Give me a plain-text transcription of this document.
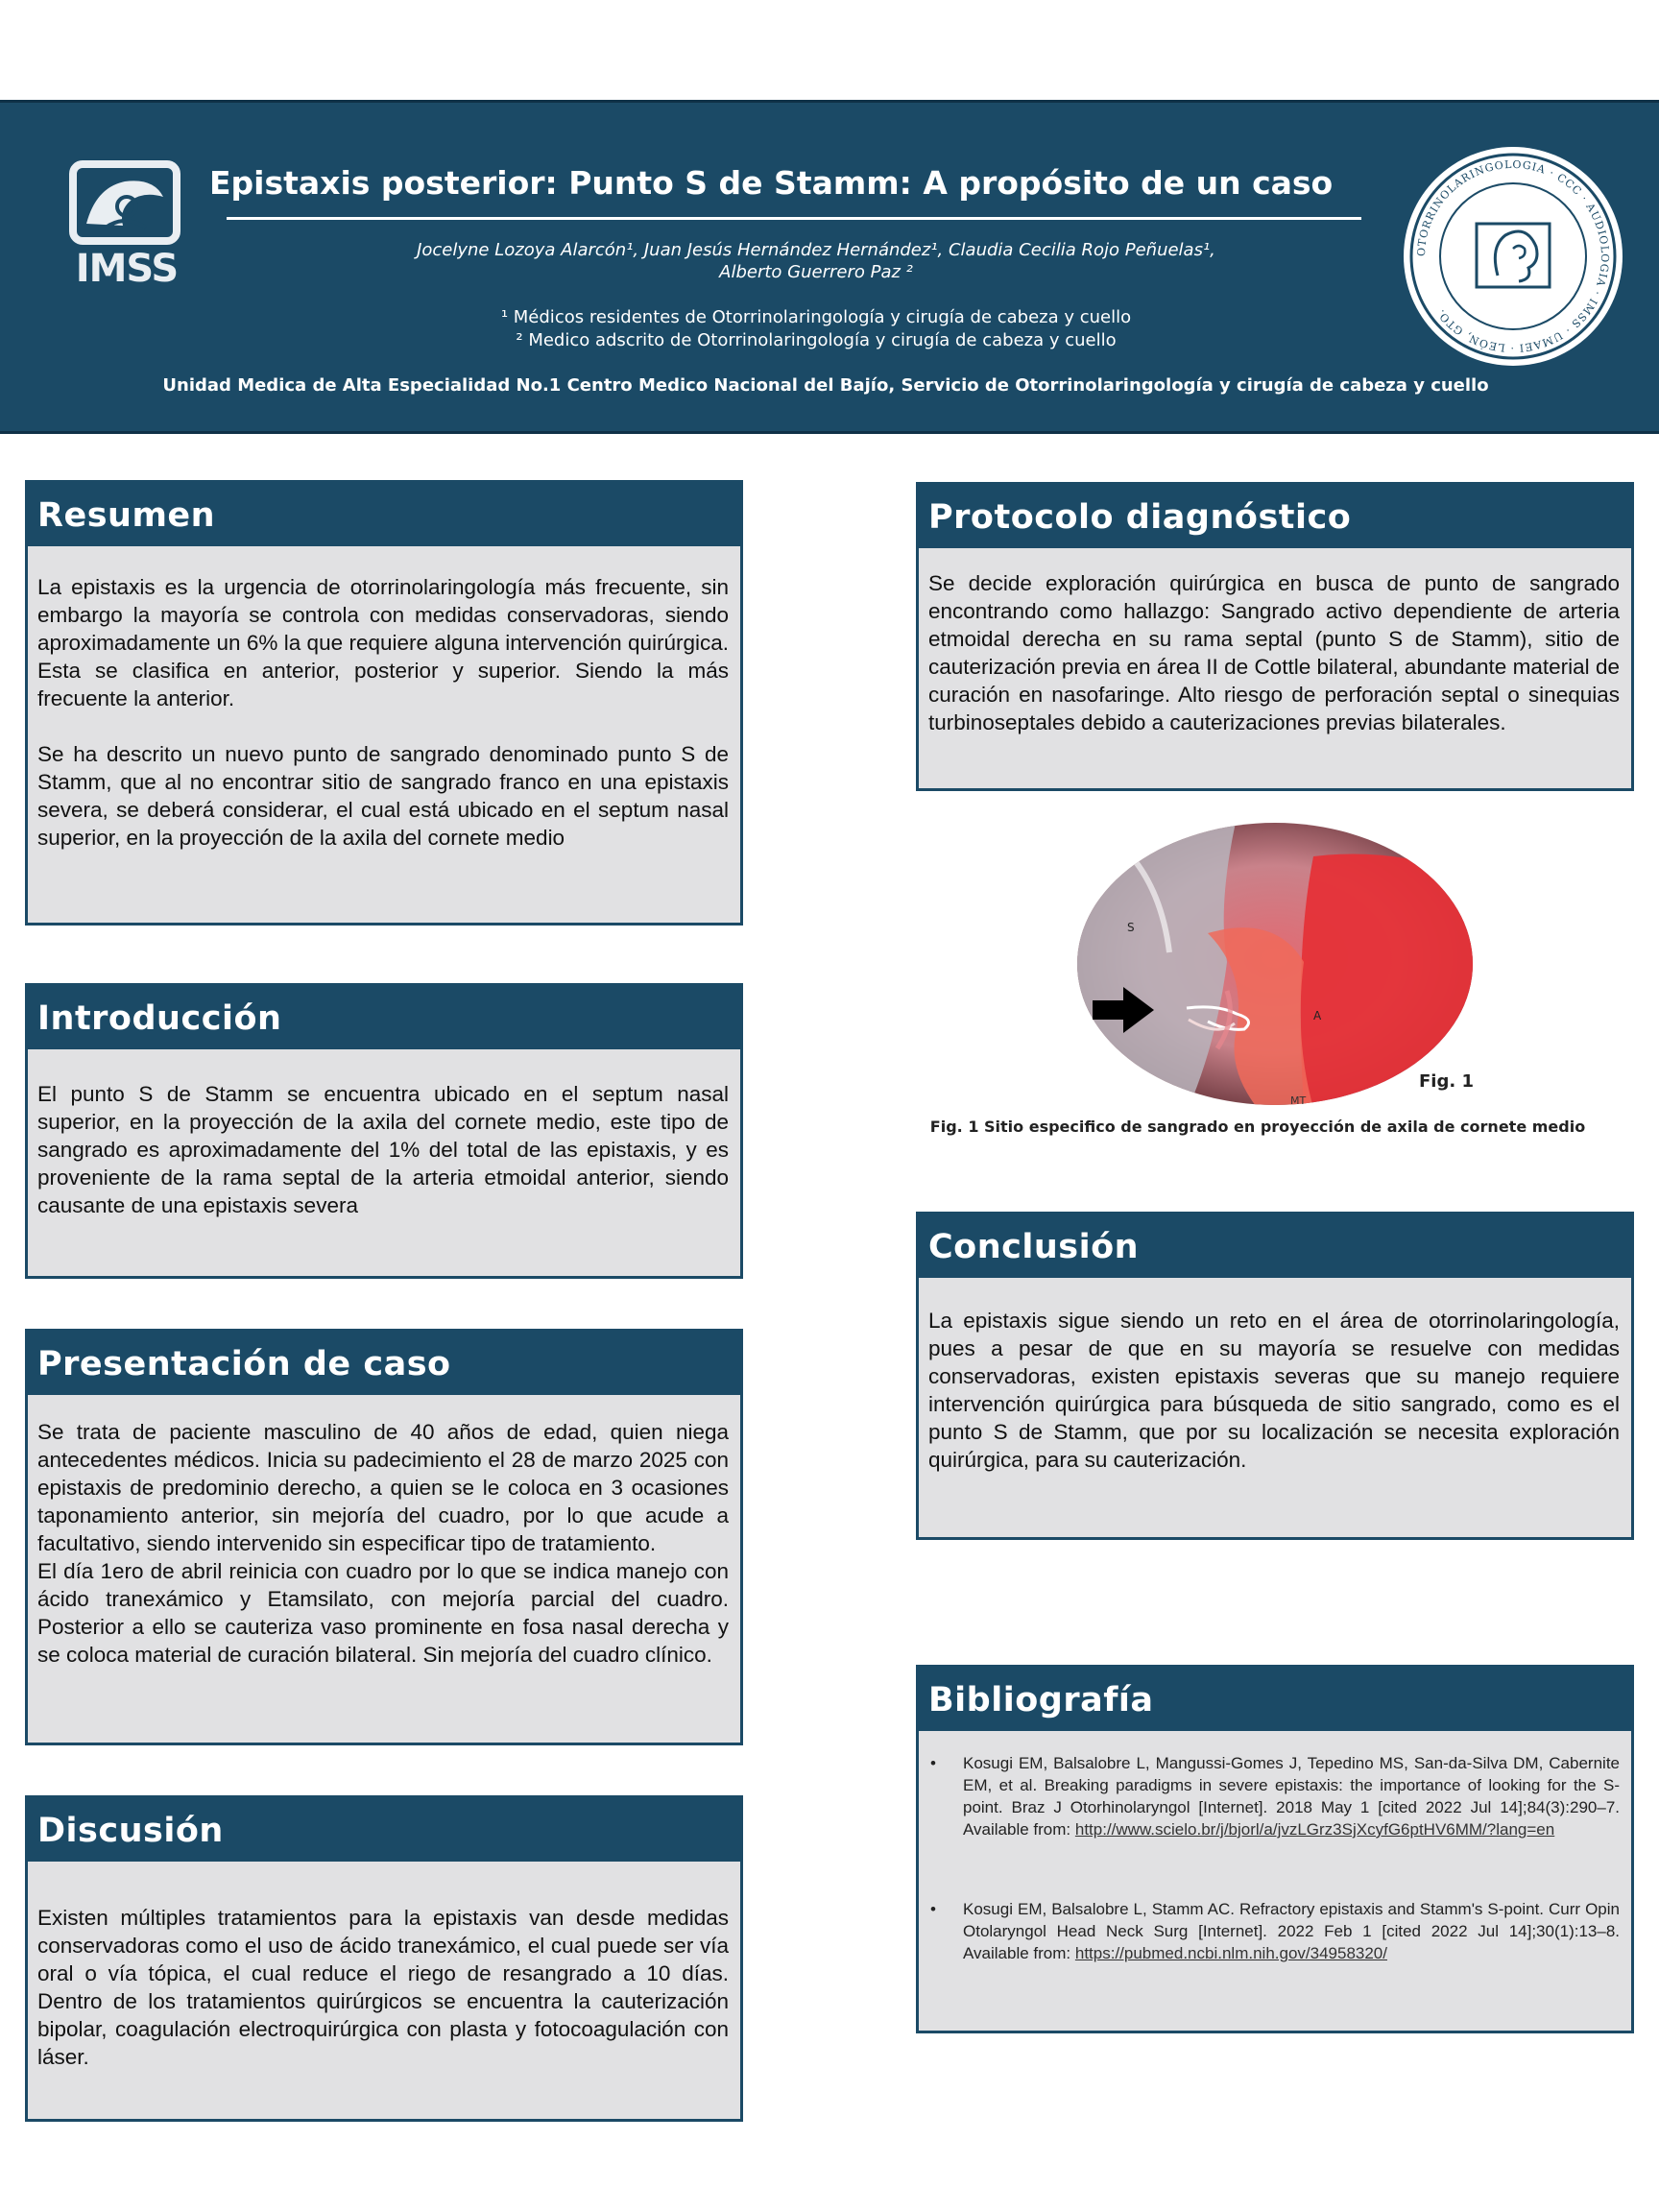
IMSS
Epistaxis posterior: Punto S de Stamm: A propósito de un caso
Jocelyne Lozoya Alarcón¹, Juan Jesús Hernández Hernández¹, Claudia Cecilia Rojo Peñuelas¹,
Alberto Guerrero Paz ²
¹ Médicos residentes de Otorrinolaringología y cirugía de cabeza y cuello
² Medico adscrito de Otorrinolaringología y cirugía de cabeza y cuello
Unidad Medica de Alta Especialidad No.1 Centro Medico Nacional del Bajío, Servicio de Otorrinolaringología y cirugía de cabeza y cuello
OTORRINOLARINGOLOGIA · CCC · AUDIOLOGIA · IMSS · UMAEI · LEÓN, GTO.
Resumen

La epistaxis es la urgencia de otorrinolaringología más frecuente, sin embargo la mayoría se controla con medidas conservadoras, siendo aproximadamente un 6% la que requiere alguna intervención quirúrgica. Esta se clasifica en anterior, posterior y superior. Siendo la más frecuente la anterior.

Se ha descrito un nuevo punto de sangrado denominado punto S de Stamm, que al no encontrar sitio de sangrado franco en una epistaxis severa, se deberá considerar, el cual está ubicado en el septum nasal superior, en la proyección de la axila del cornete medio

Introducción

El punto S de Stamm se encuentra ubicado en el septum nasal superior, en la proyección de la axila del cornete medio, este tipo de sangrado es aproximadamente del 1% del total de las epistaxis, y es proveniente de la rama septal de la arteria etmoidal anterior, siendo causante de una epistaxis severa

Presentación de caso

Se trata de paciente masculino de 40 años de edad, quien niega antecedentes médicos. Inicia su padecimiento el 28 de marzo 2025 con epistaxis de predominio derecho, a quien se le coloca en 3 ocasiones taponamiento anterior, sin mejoría del cuadro, por lo que acude a facultativo, siendo intervenido sin especificar tipo de tratamiento.

El día 1ero de abril reinicia con cuadro por lo que se indica manejo con ácido tranexámico y Etamsilato, con mejoría parcial del cuadro. Posterior a ello se cauteriza vaso prominente en fosa nasal derecha y se coloca material de curación bilateral. Sin mejoría del cuadro clínico.

Discusión

Existen múltiples tratamientos para la epistaxis van desde medidas conservadoras como el uso de ácido tranexámico, el cual puede ser vía oral o vía tópica, el cual reduce el riego de resangrado a 10 días. Dentro de los tratamientos quirúrgicos se encuentra la cauterización bipolar, coagulación electroquirúrgica con plasta y fotocoagulación con láser.

Protocolo diagnóstico

Se decide exploración quirúrgica en busca de punto de sangrado encontrando como hallazgo: Sangrado activo dependiente de arteria etmoidal derecha en su rama septal (punto S de Stamm), sitio de cauterización previa en área II de Cottle bilateral, abundante material de curación en nasofaringe. Alto riesgo de perforación septal o sinequias turbinoseptales debido a cauterizaciones previas bilaterales.

S
A
MT
Fig. 1
Fig. 1 Sitio especifico de sangrado en proyección de axila de cornete medio
Conclusión

La epistaxis sigue siendo un reto en el área de otorrinolaringología, pues a pesar de que en su mayoría se resuelve con medidas conservadoras, existen epistaxis severas que su manejo requiere intervención quirúrgica para búsqueda de sitio sangrado, como es el punto S de Stamm, que por su localización se necesita exploración quirúrgica, para su cauterización.

Bibliografía
• Kosugi EM, Balsalobre L, Mangussi-Gomes J, Tepedino MS, San-da-Silva DM, Cabernite EM, et al. Breaking paradigms in severe epistaxis: the importance of looking for the S-point. Braz J Otorhinolaryngol [Internet]. 2018 May 1 [cited 2022 Jul 14];84(3):290–7. Available from: http://www.scielo.br/j/bjorl/a/jvzLGrz3SjXcyfG6ptHV6MM/?lang=en
• Kosugi EM, Balsalobre L, Stamm AC. Refractory epistaxis and Stamm's S-point. Curr Opin Otolaryngol Head Neck Surg [Internet]. 2022 Feb 1 [cited 2022 Jul 14];30(1):13–8. Available from: https://pubmed.ncbi.nlm.nih.gov/34958320/
